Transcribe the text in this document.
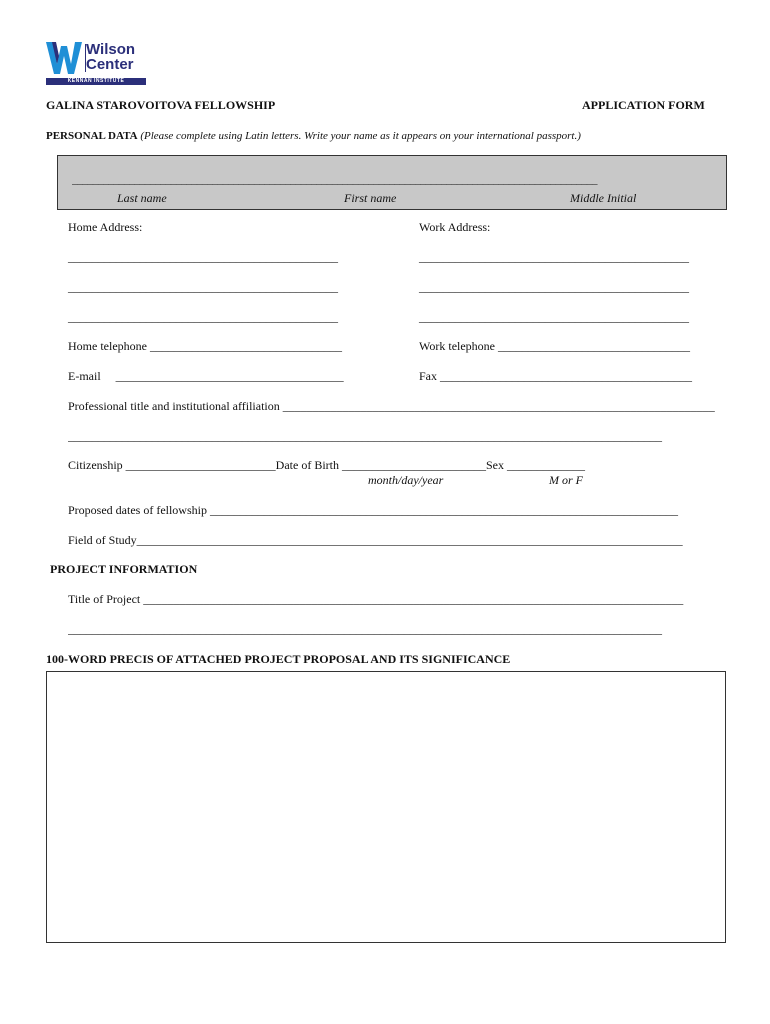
Wilson
Center
KENNAN INSTITUTE
GALINA STAROVOITOVA FELLOWSHIP	APPLICATION FORM
PERSONAL DATA (Please complete using Latin letters. Write your name as it appears on your international passport.)
_____________________________________________________________________________________________________
Last name	First name	Middle Initial
Home Address:	Work Address:
_____________________________________________	_____________________________________________
_____________________________________________	_____________________________________________
_____________________________________________	_____________________________________________
Home telephone ________________________________	Work telephone ________________________________
E-mail ______________________________________	Fax __________________________________________
Professional title and institutional affiliation ________________________________________________________________________
___________________________________________________________________________________________________
Citizenship _________________________Date of Birth ________________________Sex _____________
month/day/year	M or F
Proposed dates of fellowship ______________________________________________________________________________
Field of Study___________________________________________________________________________________________
PROJECT INFORMATION
Title of Project __________________________________________________________________________________________
___________________________________________________________________________________________________
100-WORD PRECIS OF ATTACHED PROJECT PROPOSAL AND ITS SIGNIFICANCE
